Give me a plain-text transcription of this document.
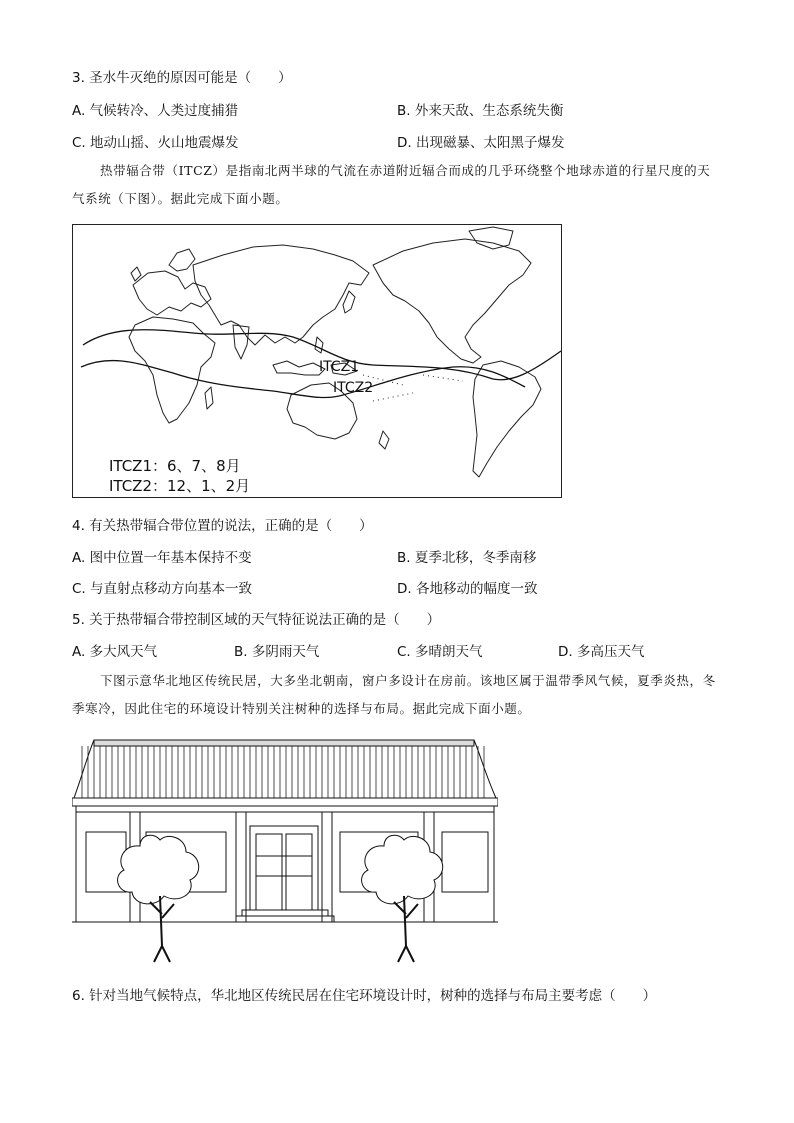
3. 圣水牛灭绝的原因可能是（　　）
A. 气候转冷、人类过度捕猎	B. 外来天敌、生态系统失衡
C. 地动山摇、火山地震爆发	D. 出现磁暴、太阳黑子爆发
热带辐合带（ITCZ）是指南北两半球的气流在赤道附近辐合而成的几乎环绕整个地球赤道的行星尺度的天气系统（下图）。据此完成下面小题。
ITCZ1
ITCZ2
ITCZ1：6、7、8月
ITCZ2：12、1、2月
4. 有关热带辐合带位置的说法，正确的是（　　）
A. 图中位置一年基本保持不变	B. 夏季北移，冬季南移
C. 与直射点移动方向基本一致	D. 各地移动的幅度一致
5. 关于热带辐合带控制区域的天气特征说法正确的是（　　）
A. 多大风天气	B. 多阴雨天气	C. 多晴朗天气	D. 多高压天气
下图示意华北地区传统民居，大多坐北朝南，窗户多设计在房前。该地区属于温带季风气候，夏季炎热，冬季寒冷，因此住宅的环境设计特别关注树种的选择与布局。据此完成下面小题。
6. 针对当地气候特点，华北地区传统民居在住宅环境设计时，树种的选择与布局主要考虑（　　）
